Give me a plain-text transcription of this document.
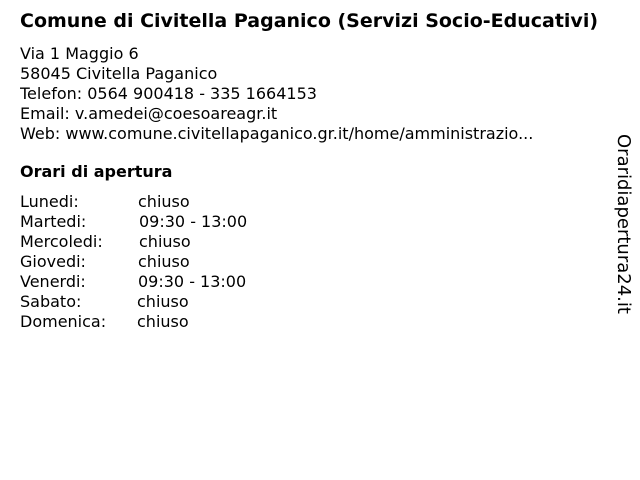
Comune di Civitella Paganico (Servizi Socio-Educativi)
Via 1 Maggio 6
58045 Civitella Paganico
Telefon: 0564 900418 - 335 1664153
Email: v.amedei@coesoareagr.it
Web: www.comune.civitellapaganico.gr.it/home/amministrazio...
Orari di apertura
Lunedi:	chiuso
Martedi:	09:30 - 13:00
Mercoledi:	chiuso
Giovedi:	chiuso
Venerdi:	09:30 - 13:00
Sabato:	chiuso
Domenica:	chiuso
Oraridiapertura24.it
